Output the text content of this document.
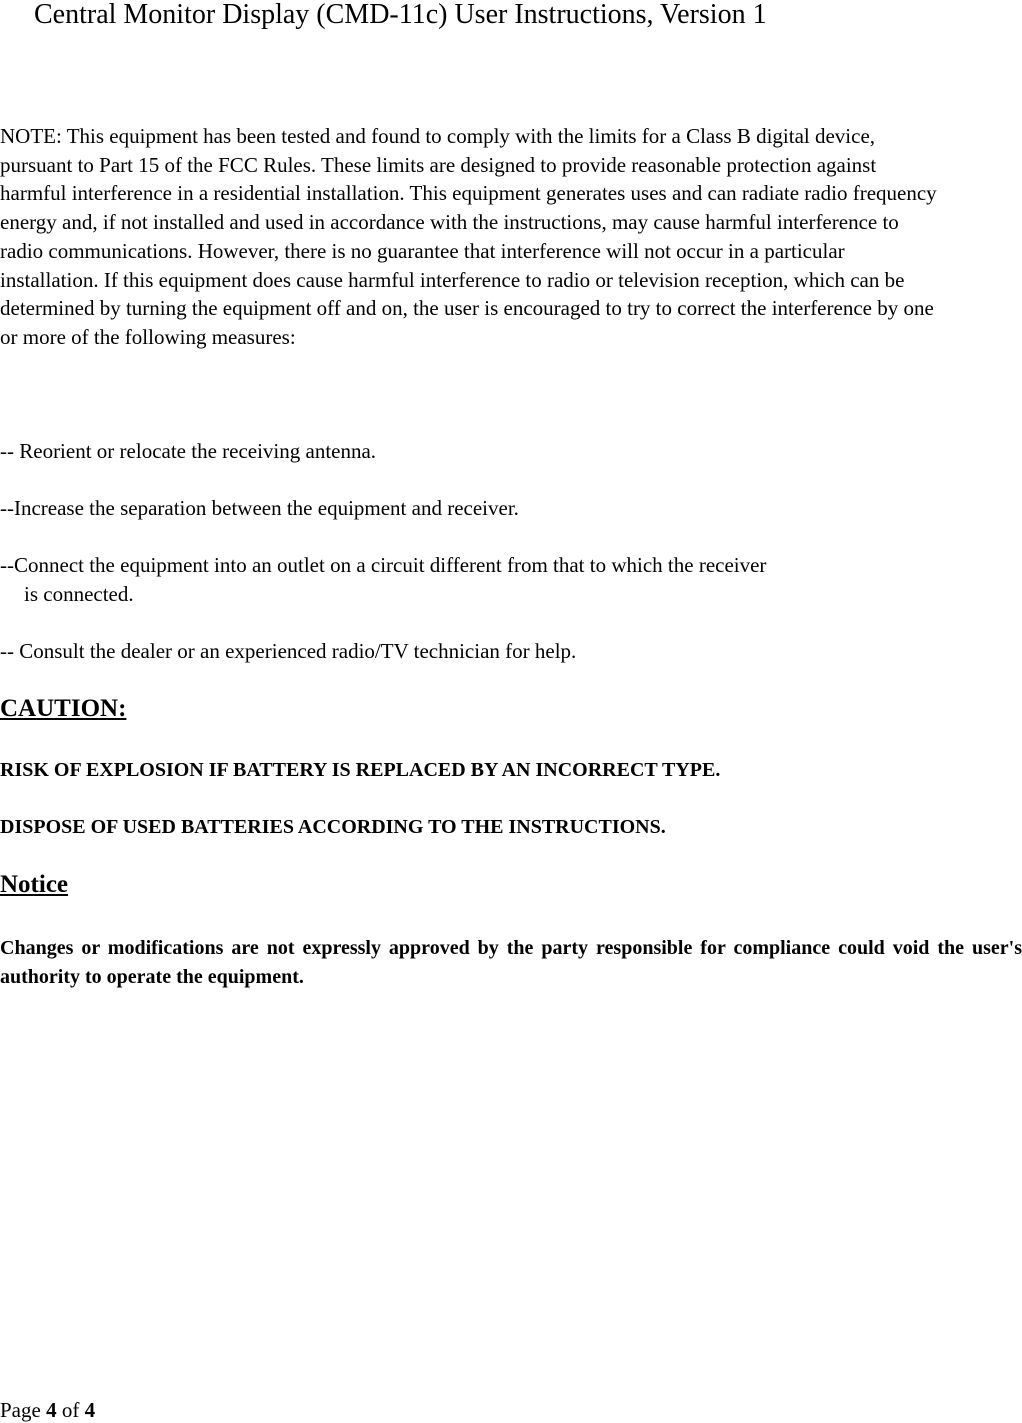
Central Monitor Display (CMD-11c) User Instructions, Version 1

NOTE: This equipment has been tested and found to comply with the limits for a Class B digital device, pursuant to Part 15 of the FCC Rules. These limits are designed to provide reasonable protection against harmful interference in a residential installation. This equipment generates uses and can radiate radio frequency energy and, if not installed and used in accordance with the instructions, may cause harmful interference to radio communications. However, there is no guarantee that interference will not occur in a particular installation. If this equipment does cause harmful interference to radio or television reception, which can be determined by turning the equipment off and on, the user is encouraged to try to correct the interference by one or more of the following measures:

-- Reorient or relocate the receiving antenna.

--Increase the separation between the equipment and receiver.

--Connect the equipment into an outlet on a circuit different from that to which the receiver
is connected.

-- Consult the dealer or an experienced radio/TV technician for help.

CAUTION:

RISK OF EXPLOSION IF BATTERY IS REPLACED BY AN INCORRECT TYPE.

DISPOSE OF USED BATTERIES ACCORDING TO THE INSTRUCTIONS.

Notice

Changes or modifications are not expressly approved by the party responsible for compliance could void the user's authority to operate the equipment.

Page 4 of 4
